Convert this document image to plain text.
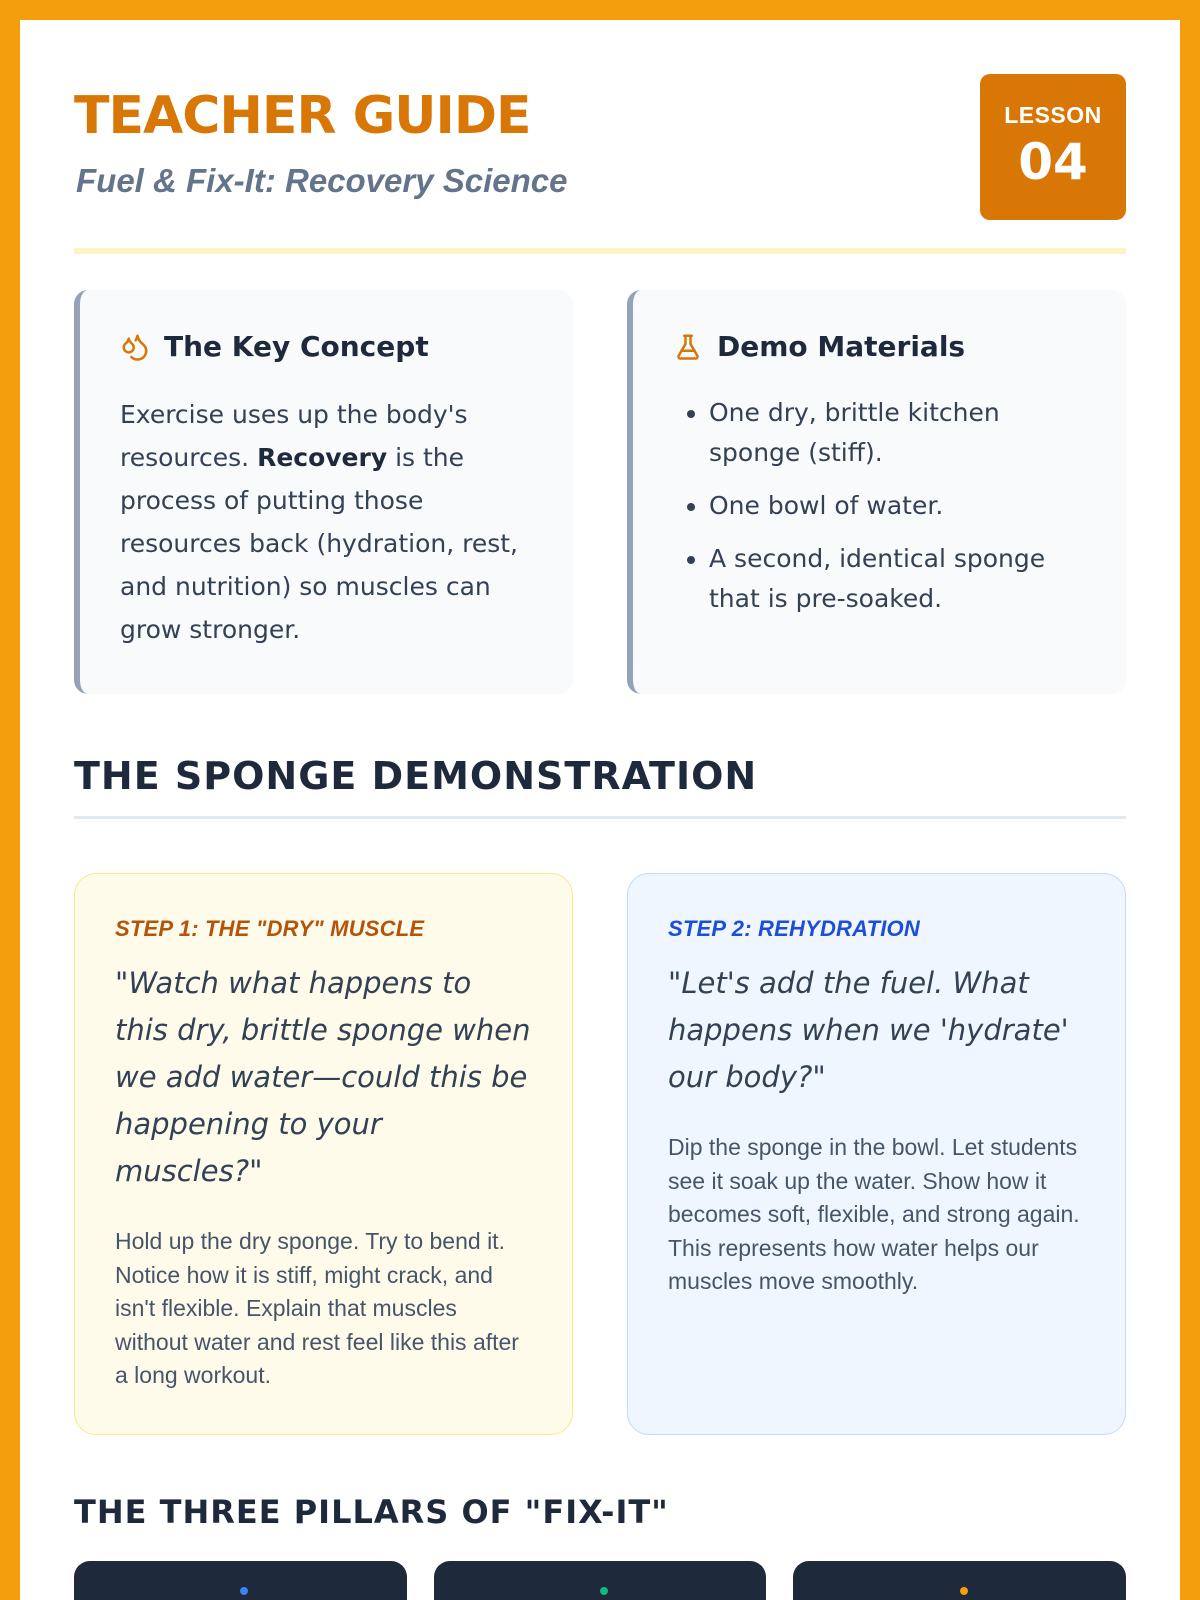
TEACHER GUIDE
Fuel & Fix-It: Recovery Science
LESSON
04
The Key Concept

Exercise uses up the body's resources. Recovery is the process of putting those resources back (hydration, rest, and nutrition) so muscles can grow stronger.

Demo Materials
• One dry, brittle kitchen sponge (stiff).
• One bowl of water.
• A second, identical sponge that is pre-soaked.
THE SPONGE DEMONSTRATION
STEP 1: THE "DRY" MUSCLE

"Watch what happens to this dry, brittle sponge when we add water—could this be happening to your muscles?"

Hold up the dry sponge. Try to bend it. Notice how it is stiff, might crack, and isn't flexible. Explain that muscles without water and rest feel like this after a long workout.

STEP 2: REHYDRATION

"Let's add the fuel. What happens when we 'hydrate' our body?"

Dip the sponge in the bowl. Let students see it soak up the water. Show how it becomes soft, flexible, and strong again. This represents how water helps our muscles move smoothly.

THE THREE PILLARS OF "FIX-IT"
